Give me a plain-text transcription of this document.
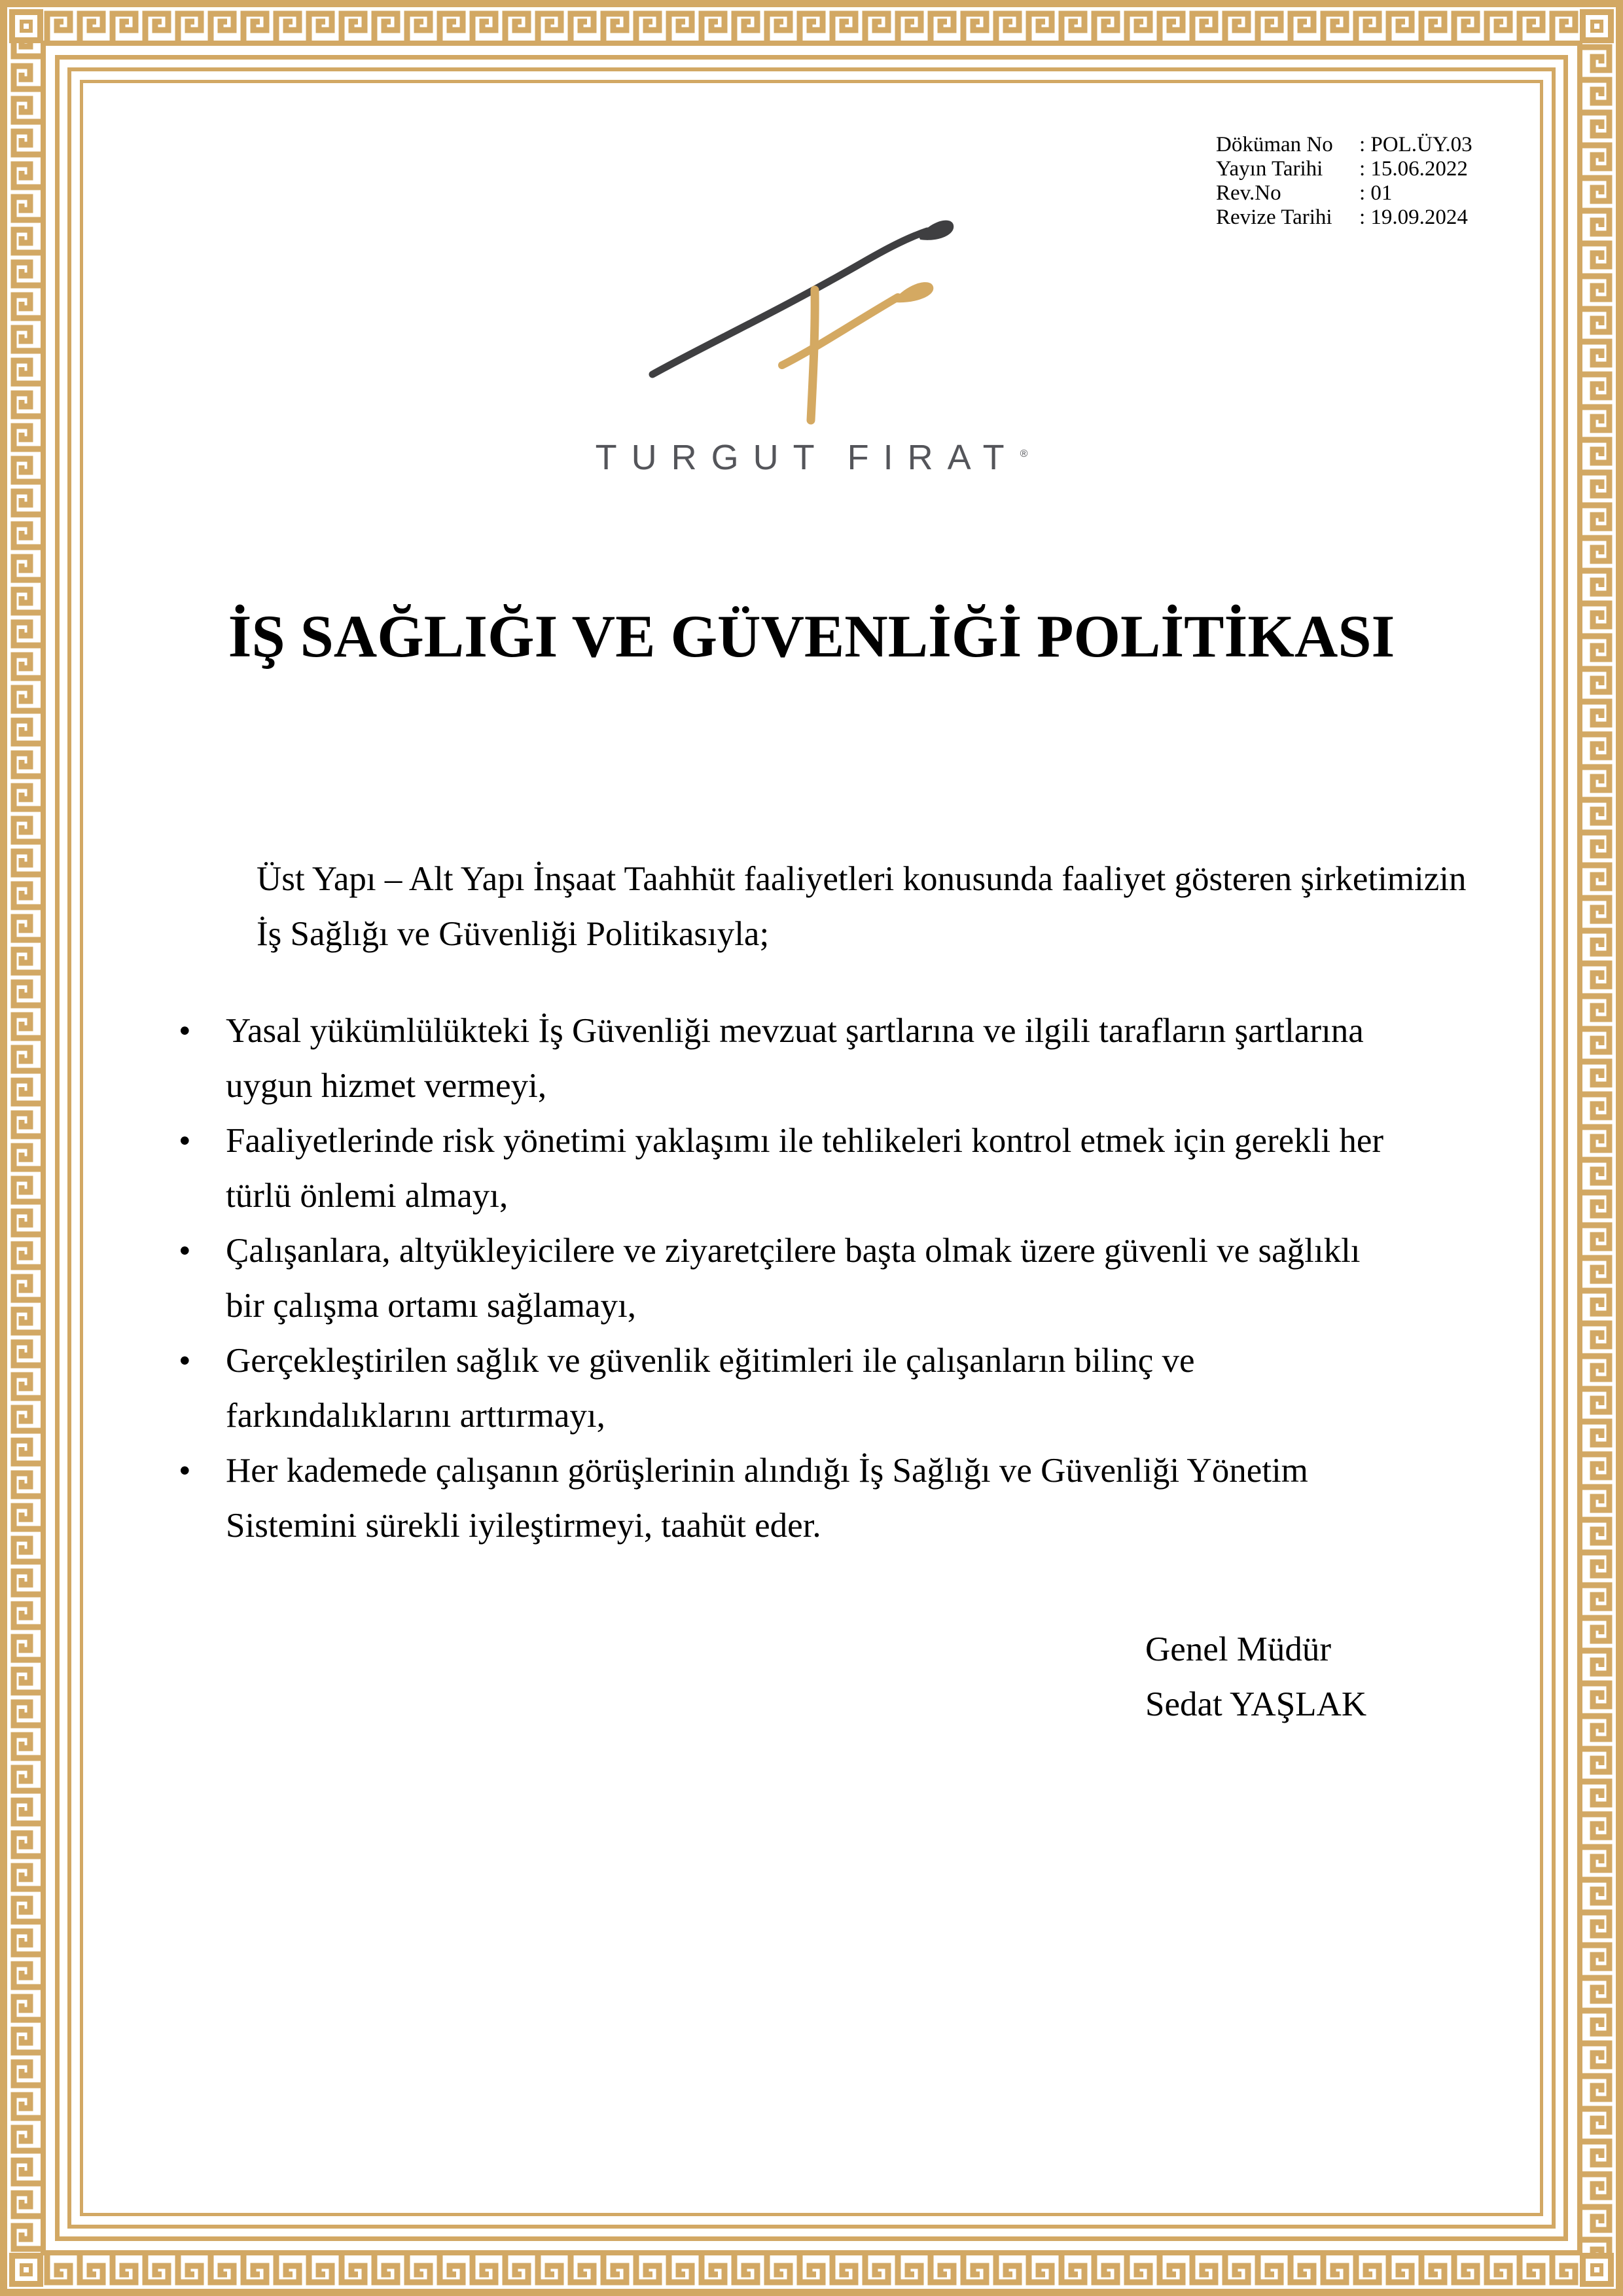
Döküman No	: POL.ÜY.03
Yayın Tarihi	: 15.06.2022
Rev.No	: 01
Revize Tarihi	: 19.09.2024
TURGUT FIRAT ®
İŞ SAĞLIĞI VE GÜVENLİĞİ POLİTİKASI
Üst Yapı – Alt Yapı İnşaat Taahhüt faaliyetleri konusunda faaliyet gösteren şirketimizin
İş Sağlığı ve Güvenliği Politikasıyla;
• Yasal yükümlülükteki İş Güvenliği mevzuat şartlarına ve ilgili tarafların şartlarına
uygun hizmet vermeyi,
• Faaliyetlerinde risk yönetimi yaklaşımı ile tehlikeleri kontrol etmek için gerekli her
türlü önlemi almayı,
• Çalışanlara, altyükleyicilere ve ziyaretçilere başta olmak üzere güvenli ve sağlıklı
bir çalışma ortamı sağlamayı,
• Gerçekleştirilen sağlık ve güvenlik eğitimleri ile çalışanların bilinç ve
farkındalıklarını arttırmayı,
• Her kademede çalışanın görüşlerinin alındığı İş Sağlığı ve Güvenliği Yönetim
Sistemini sürekli iyileştirmeyi, taahüt eder.
Genel Müdür
Sedat YAŞLAK
